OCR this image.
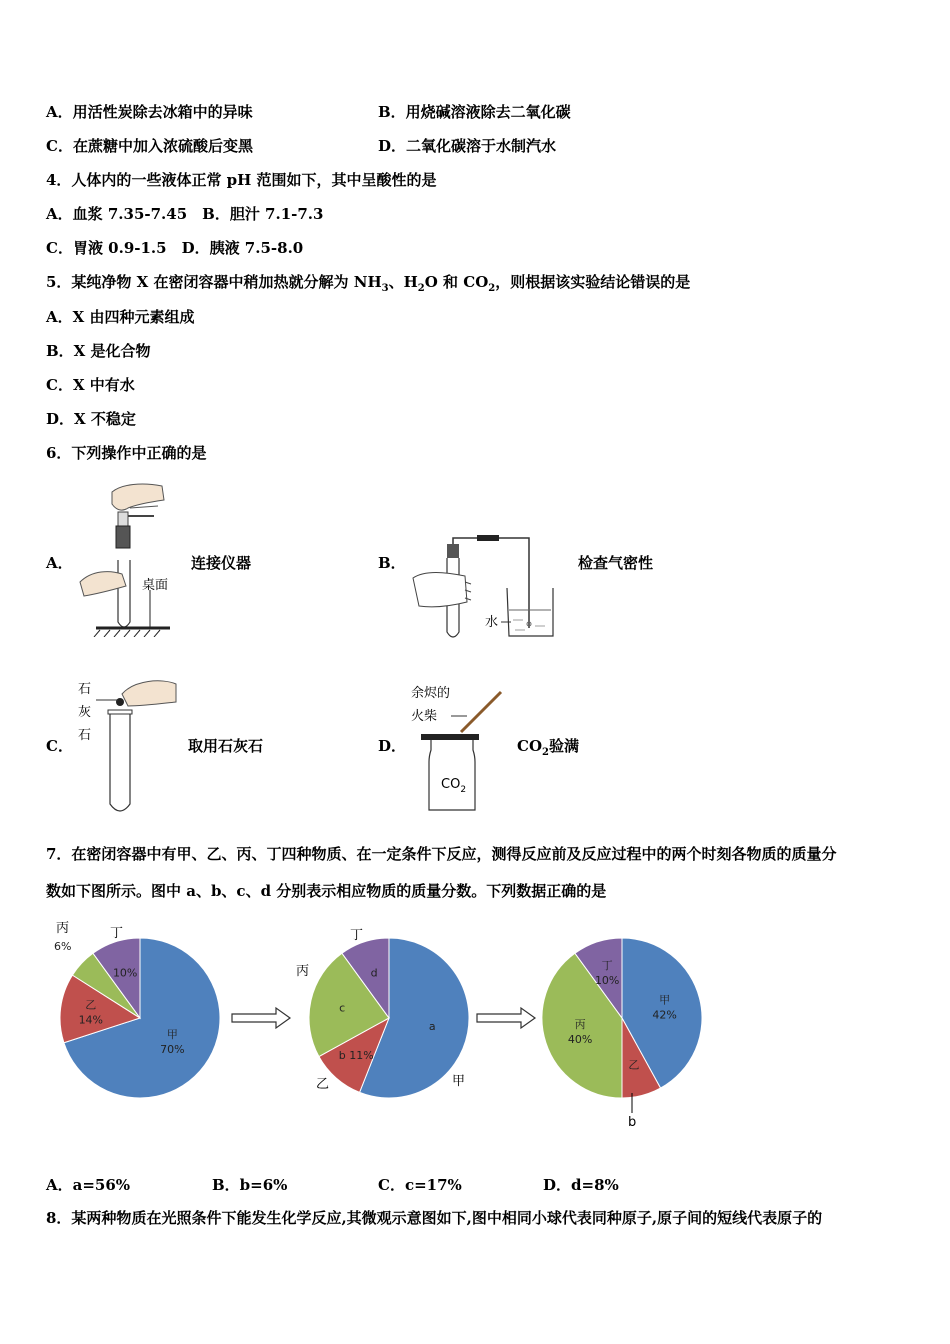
A．用活性炭除去冰箱中的异味	B．用烧碱溶液除去二氧化碳
C．在蔗糖中加入浓硫酸后变黑	D．二氧化碳溶于水制汽水
4．人体内的一些液体正常 pH 范围如下，其中呈酸性的是
A．血浆 7.35-7.45　B．胆汁 7.1-7.3
C．胃液 0.9-1.5　D．胰液 7.5-8.0
5．某纯净物 X 在密闭容器中稍加热就分解为 $NH_3$、$H_2O$ 和 $CO_2$，则根据该实验结论错误的是
A．X 由四种元素组成
B．X 是化合物
C．X 中有水
D．X 不稳定
6．下列操作中正确的是
A．
桌面
连接仪器	B．
水
检查气密性
C．
石
灰
石
取用石灰石	D．
余烬的
火柴
$CO_2$
$CO_2$验满
7．在密闭容器中有甲、乙、丙、丁四种物质、在一定条件下反应，测得反应前及反应过程中的两个时刻各物质的质量分
数如下图所示。图中 a、b、c、d 分别表示相应物质的质量分数。下列数据正确的是
甲
70%
乙
14%
10%
a
b 11%
c
d
甲
42%
乙
丙
40%
丁
10%
丙
6%
丁	丁
丙
乙	甲
b
A．a=56%	B．b=6%	C．c=17%	D．d=8%
8．某两种物质在光照条件下能发生化学反应,其微观示意图如下,图中相同小球代表同种原子,原子间的短线代表原子的
